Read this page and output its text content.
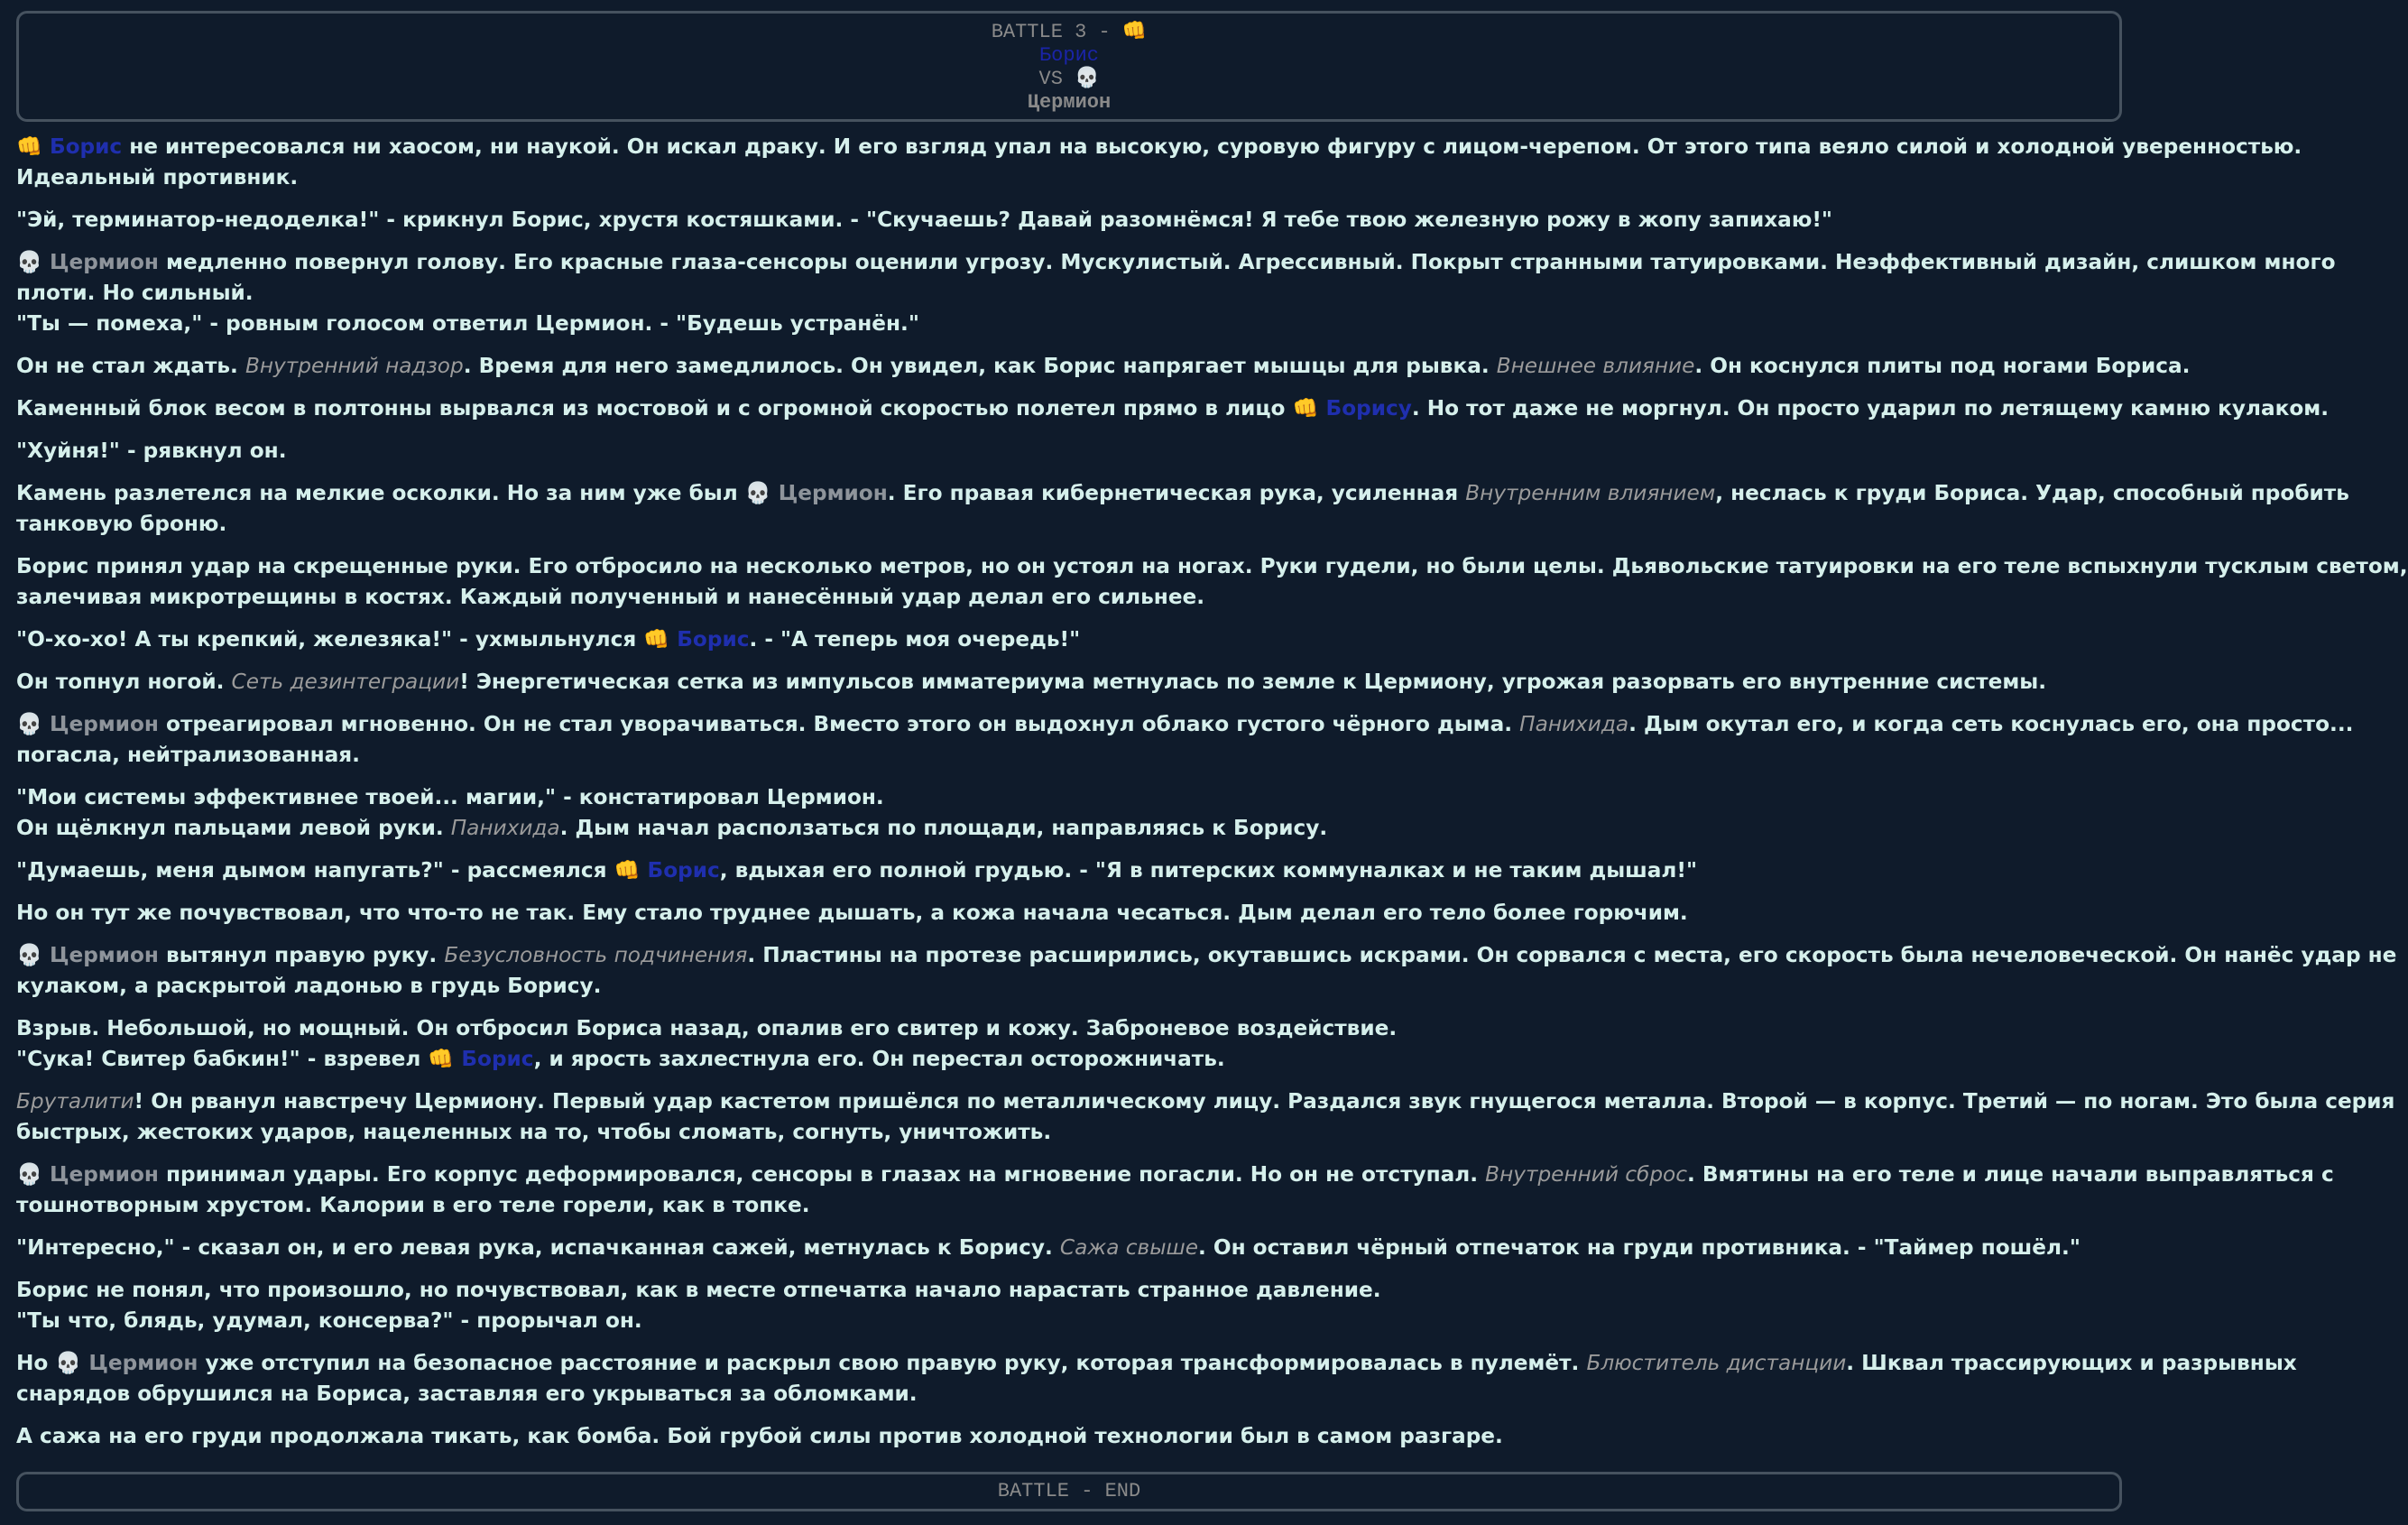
BATTLE 3 - 👊
Борис
VS 💀
Цермион

👊 Борис не интересовался ни хаосом, ни наукой. Он искал драку. И его взгляд упал на высокую, суровую фигуру с лицом-черепом. От этого типа веяло силой и холодной уверенностью.
Идеальный противник.

"Эй, терминатор-недоделка!" - крикнул Борис, хрустя костяшками. - "Скучаешь? Давай разомнёмся! Я тебе твою железную рожу в жопу запихаю!"

💀 Цермион медленно повернул голову. Его красные глаза-сенсоры оценили угрозу. Мускулистый. Агрессивный. Покрыт странными татуировками. Неэффективный дизайн, слишком много
плоти. Но сильный.
"Ты — помеха," - ровным голосом ответил Цермион. - "Будешь устранён."

Он не стал ждать. Внутренний надзор. Время для него замедлилось. Он увидел, как Борис напрягает мышцы для рывка. Внешнее влияние. Он коснулся плиты под ногами Бориса.

Каменный блок весом в полтонны вырвался из мостовой и с огромной скоростью полетел прямо в лицо 👊 Борису. Но тот даже не моргнул. Он просто ударил по летящему камню кулаком.

"Хуйня!" - рявкнул он.

Камень разлетелся на мелкие осколки. Но за ним уже был 💀 Цермион. Его правая кибернетическая рука, усиленная Внутренним влиянием, неслась к груди Бориса. Удар, способный пробить
танковую броню.

Борис принял удар на скрещенные руки. Его отбросило на несколько метров, но он устоял на ногах. Руки гудели, но были целы. Дьявольские татуировки на его теле вспыхнули тусклым светом,
залечивая микротрещины в костях. Каждый полученный и нанесённый удар делал его сильнее.

"О-хо-хо! А ты крепкий, железяка!" - ухмыльнулся 👊 Борис. - "А теперь моя очередь!"

Он топнул ногой. Сеть дезинтеграции! Энергетическая сетка из импульсов имматериума метнулась по земле к Цермиону, угрожая разорвать его внутренние системы.

💀 Цермион отреагировал мгновенно. Он не стал уворачиваться. Вместо этого он выдохнул облако густого чёрного дыма. Панихида. Дым окутал его, и когда сеть коснулась его, она просто...
погасла, нейтрализованная.

"Мои системы эффективнее твоей... магии," - констатировал Цермион.
Он щёлкнул пальцами левой руки. Панихида. Дым начал расползаться по площади, направляясь к Борису.

"Думаешь, меня дымом напугать?" - рассмеялся 👊 Борис, вдыхая его полной грудью. - "Я в питерских коммуналках и не таким дышал!"

Но он тут же почувствовал, что что-то не так. Ему стало труднее дышать, а кожа начала чесаться. Дым делал его тело более горючим.

💀 Цермион вытянул правую руку. Безусловность подчинения. Пластины на протезе расширились, окутавшись искрами. Он сорвался с места, его скорость была нечеловеческой. Он нанёс удар не
кулаком, а раскрытой ладонью в грудь Борису.

Взрыв. Небольшой, но мощный. Он отбросил Бориса назад, опалив его свитер и кожу. Заброневое воздействие.
"Сука! Свитер бабкин!" - взревел 👊 Борис, и ярость захлестнула его. Он перестал осторожничать.

Бруталити! Он рванул навстречу Цермиону. Первый удар кастетом пришёлся по металлическому лицу. Раздался звук гнущегося металла. Второй — в корпус. Третий — по ногам. Это была серия
быстрых, жестоких ударов, нацеленных на то, чтобы сломать, согнуть, уничтожить.

💀 Цермион принимал удары. Его корпус деформировался, сенсоры в глазах на мгновение погасли. Но он не отступал. Внутренний сброс. Вмятины на его теле и лице начали выправляться с
тошнотворным хрустом. Калории в его теле горели, как в топке.

"Интересно," - сказал он, и его левая рука, испачканная сажей, метнулась к Борису. Сажа свыше. Он оставил чёрный отпечаток на груди противника. - "Таймер пошёл."

Борис не понял, что произошло, но почувствовал, как в месте отпечатка начало нарастать странное давление.
"Ты что, блядь, удумал, консерва?" - прорычал он.

Но 💀 Цермион уже отступил на безопасное расстояние и раскрыл свою правую руку, которая трансформировалась в пулемёт. Блюститель дистанции. Шквал трассирующих и разрывных
снарядов обрушился на Бориса, заставляя его укрываться за обломками.

А сажа на его груди продолжала тикать, как бомба. Бой грубой силы против холодной технологии был в самом разгаре.

BATTLE - END
